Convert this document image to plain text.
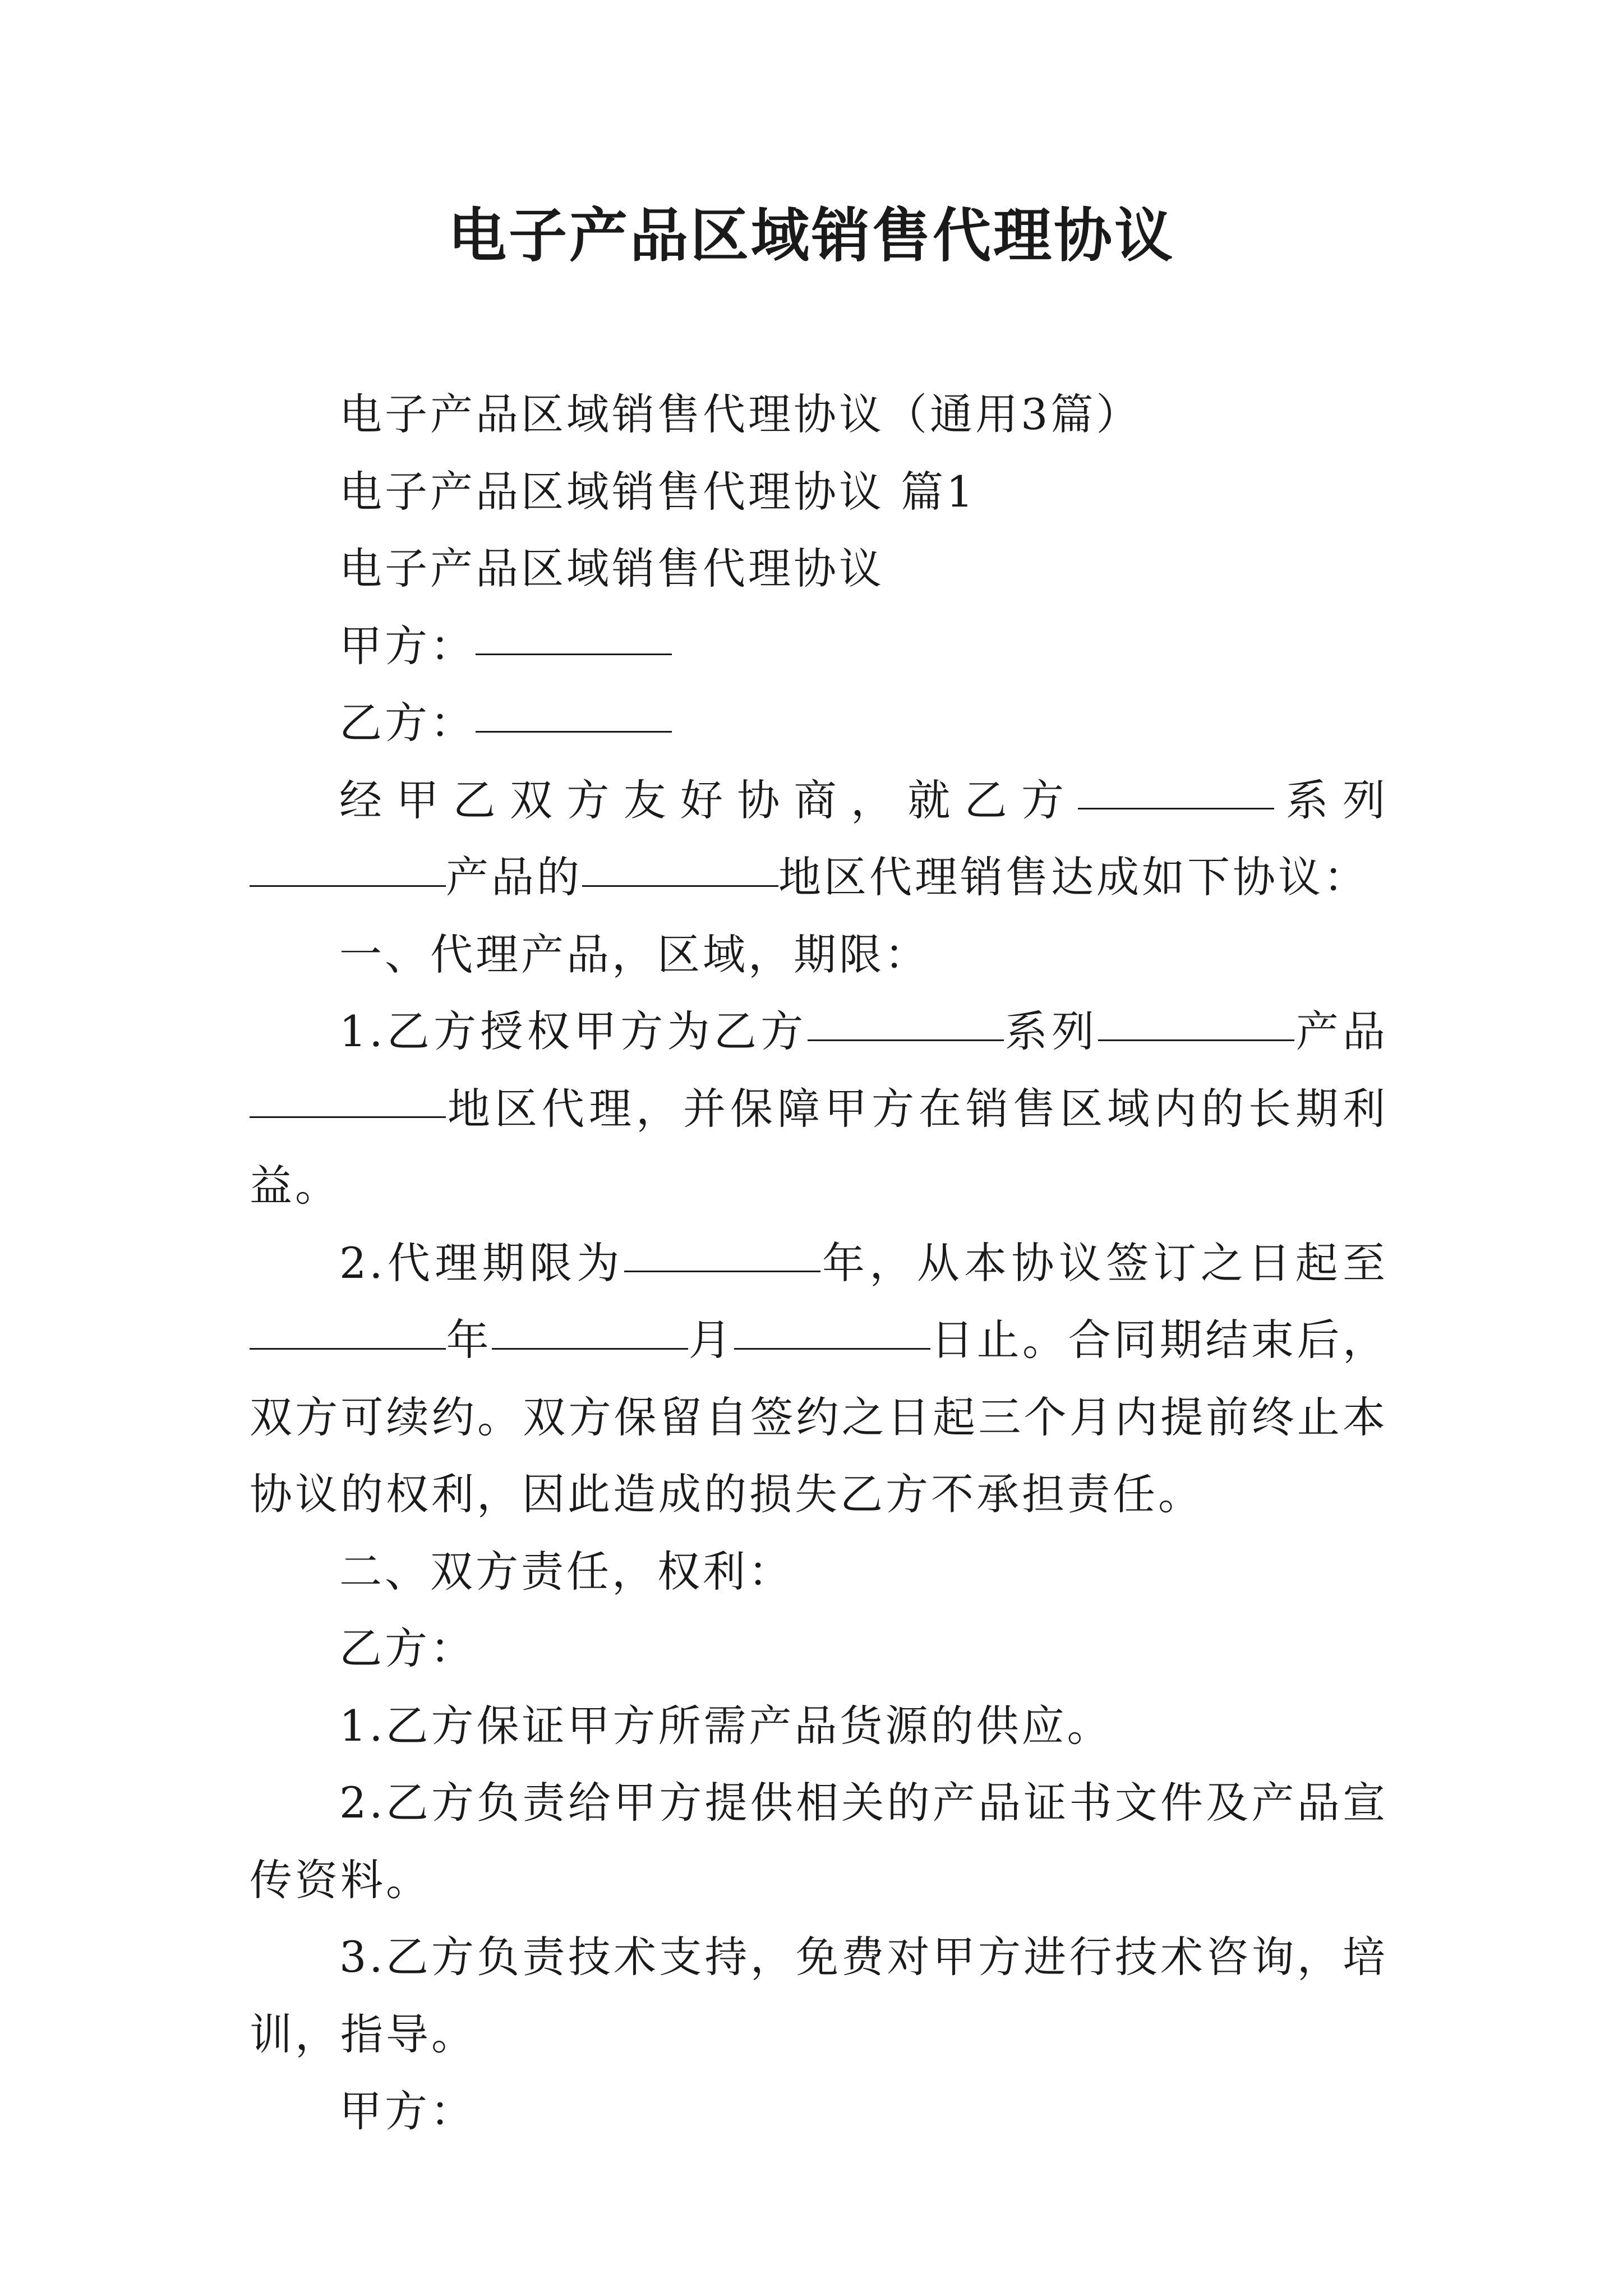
电子产品区域销售代理协议

电子产品区域销售代理协议（通用3篇）

电子产品区域销售代理协议 篇1

电子产品区域销售代理协议

甲方：

乙方：

经甲乙双方友好协商，就乙方	系列产品的	地区代理销售达成如下协议：

一、代理产品，区域，期限：

1.乙方授权甲方为乙方	系列	产品地区代理，并保障甲方在销售区域内的长期利益。

2.代理期限为	年，从本协议签订之日起至年	月	日止。合同期结束后，双方可续约。双方保留自签约之日起三个月内提前终止本协议的权利，因此造成的损失乙方不承担责任。

二、双方责任，权利：

乙方：

1.乙方保证甲方所需产品货源的供应。

2.乙方负责给甲方提供相关的产品证书文件及产品宣传资料。

3.乙方负责技术支持，免费对甲方进行技术咨询，培训，指导。

甲方：
